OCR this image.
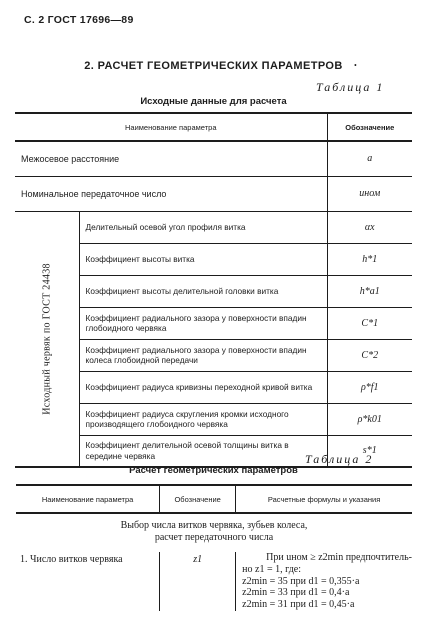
С. 2 ГОСТ 17696—89
2. РАСЧЕТ ГЕОМЕТРИЧЕСКИХ ПАРАМЕТРОВ	•
Таблица 1
Исходные данные для расчета
Наименование параметра		Обозначение
Межосевое расстояние		a
Номинальное передаточное число		uном

Исходный червяк по ГОСТ 24438	Делительный осевой угол профиля витка	αx
	Коэффициент высоты витка	h*1
	Коэффициент высоты делительной головки витка	h*a1
	Коэффициент радиального зазора у поверхности впадин глобоидного червяка	C*1
	Коэффициент радиального зазора у поверхности впадин колеса глобоидной передачи	C*2
	Коэффициент радиуса кривизны переходной кривой витка	ρ*f1
	Коэффициент радиуса скругления кромки исходного производящего глобоидного червяка	ρ*k01
	Коэффициент делительной осевой толщины витка в середине червяка	s*1
Таблица 2
Расчет геометрических параметров
Наименование параметра	Обозначение	Расчетные формулы и указания

Выбор числа витков червяка, зубьев колеса,
расчет передаточного числа		

1. Число витков червяка	z1	При uном ≥ z2min предпочтитель-
но z1 = 1, где:
z2min = 35 при d1 = 0,355·a
z2min = 33 при d1 = 0,4·a
z2min = 31 при d1 = 0,45·a
